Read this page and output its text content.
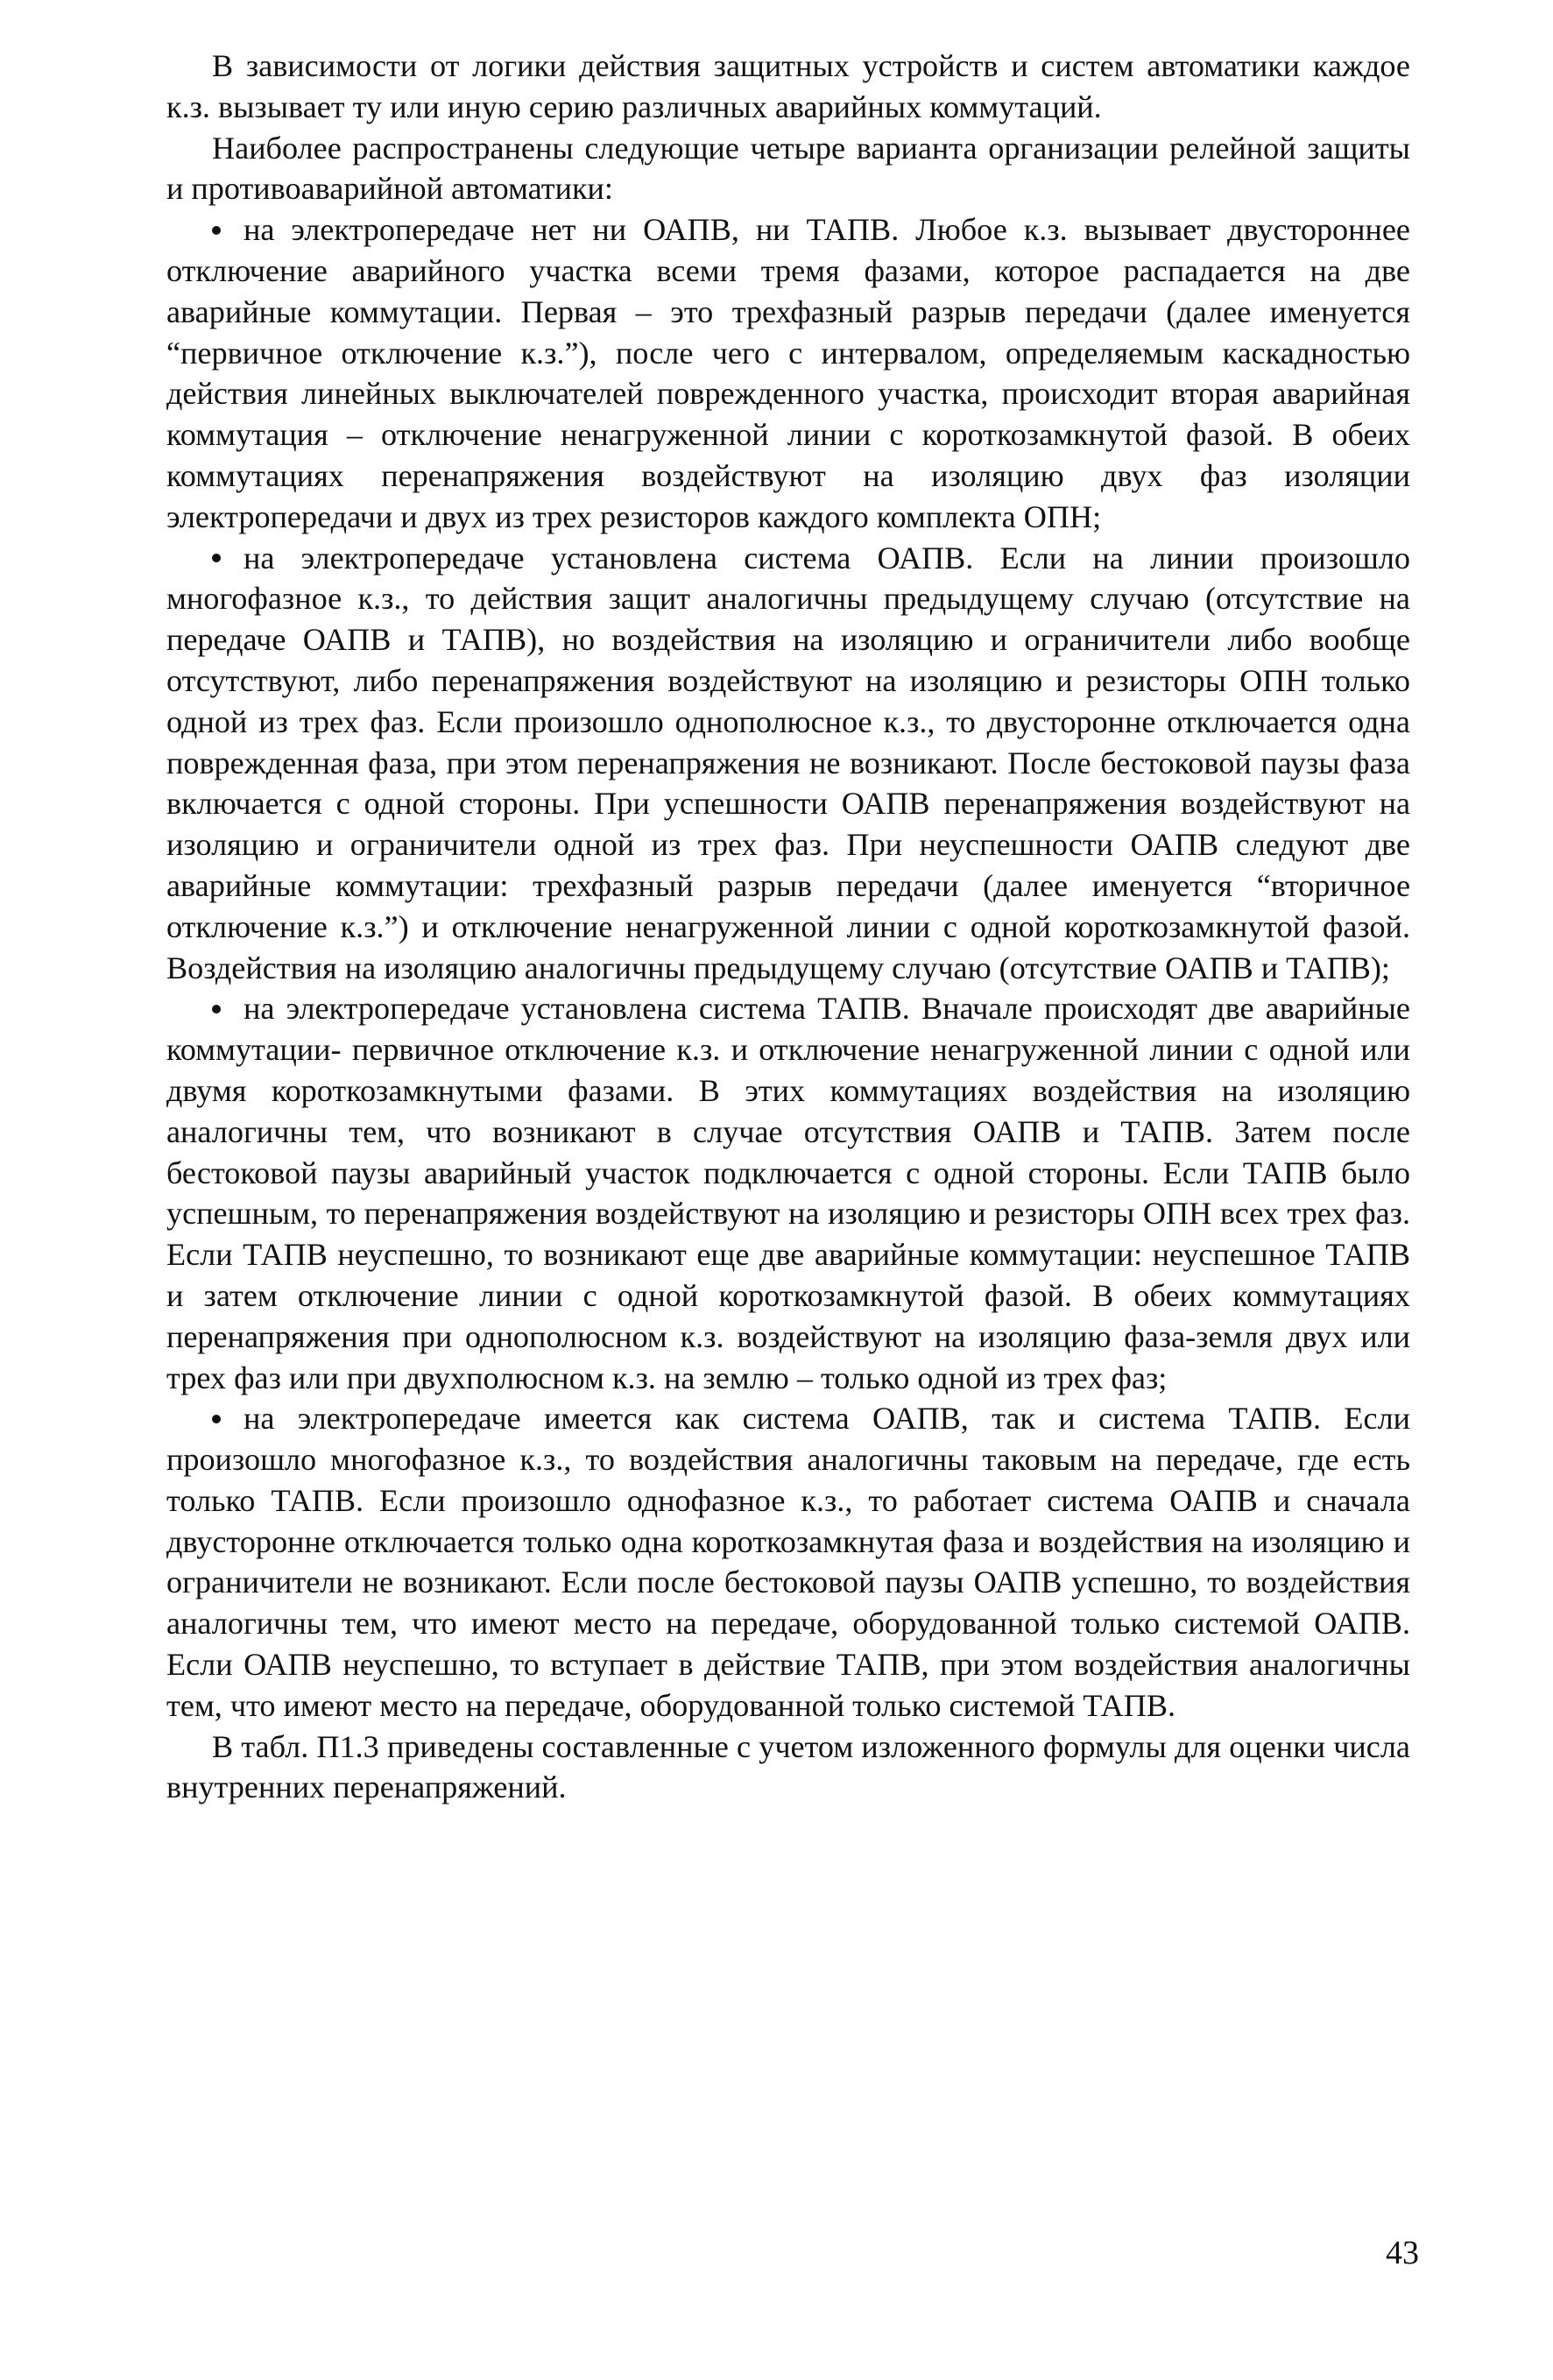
В зависимости от логики действия защитных устройств и систем автоматики каждое к.з. вызывает ту или иную серию различных аварийных коммутаций.

Наиболее распространены следующие четыре варианта организации релейной защиты и противоаварийной автоматики:

на электропередаче нет ни ОАПВ, ни ТАПВ. Любое к.з. вызывает двустороннее отключение аварийного участка всеми тремя фазами, которое распадается на две аварийные коммутации. Первая – это трехфазный разрыв передачи (далее именуется “первичное отключение к.з.”), после чего с интервалом, определяемым каскадностью действия линейных выключателей поврежденного участка, происходит вторая аварийная коммутация – отключение ненагруженной линии с короткозамкнутой фазой. В обеих коммутациях перенапряжения воздействуют на изоляцию двух фаз изоляции электропередачи и двух из трех резисторов каждого комплекта ОПН;

на электропередаче установлена система ОАПВ. Если на линии произошло многофазное к.з., то действия защит аналогичны предыдущему случаю (отсутствие на передаче ОАПВ и ТАПВ), но воздействия на изоляцию и ограничители либо вообще отсутствуют, либо перенапряжения воздействуют на изоляцию и резисторы ОПН только одной из трех фаз. Если произошло однополюсное к.з., то двусторонне отключается одна поврежденная фаза, при этом перенапряжения не возникают. После бестоковой паузы фаза включается с одной стороны. При успешности ОАПВ перенапряжения воздействуют на изоляцию и ограничители одной из трех фаз. При неуспешности ОАПВ следуют две аварийные коммутации: трехфазный разрыв передачи (далее именуется “вторичное отключение к.з.”) и отключение ненагруженной линии с одной короткозамкнутой фазой. Воздействия на изоляцию аналогичны предыдущему случаю (отсутствие ОАПВ и ТАПВ);

на электропередаче установлена система ТАПВ. Вначале происходят две аварийные коммутации- первичное отключение к.з. и отключение ненагруженной линии с одной или двумя короткозамкнутыми фазами. В этих коммутациях воздействия на изоляцию аналогичны тем, что возникают в случае отсутствия ОАПВ и ТАПВ. Затем после бестоковой паузы аварийный участок подключается с одной стороны. Если ТАПВ было успешным, то перенапряжения воздействуют на изоляцию и резисторы ОПН всех трех фаз. Если ТАПВ неуспешно, то возникают еще две аварийные коммутации: неуспешное ТАПВ и затем отключение линии с одной короткозамкнутой фазой. В обеих коммутациях перенапряжения при однополюсном к.з. воздействуют на изоляцию фаза-земля двух или трех фаз или при двухполюсном к.з. на землю – только одной из трех фаз;

на электропередаче имеется как система ОАПВ, так и система ТАПВ. Если произошло многофазное к.з., то воздействия аналогичны таковым на передаче, где есть только ТАПВ. Если произошло однофазное к.з., то работает система ОАПВ и сначала двусторонне отключается только одна короткозамкнутая фаза и воздействия на изоляцию и ограничители не возникают. Если после бестоковой паузы ОАПВ успешно, то воздействия аналогичны тем, что имеют место на передаче, оборудованной только системой ОАПВ. Если ОАПВ неуспешно, то вступает в действие ТАПВ, при этом воздействия аналогичны тем, что имеют место на передаче, оборудованной только системой ТАПВ.

В табл. П1.3 приведены составленные с учетом изложенного формулы для оценки числа внутренних перенапряжений.

43
